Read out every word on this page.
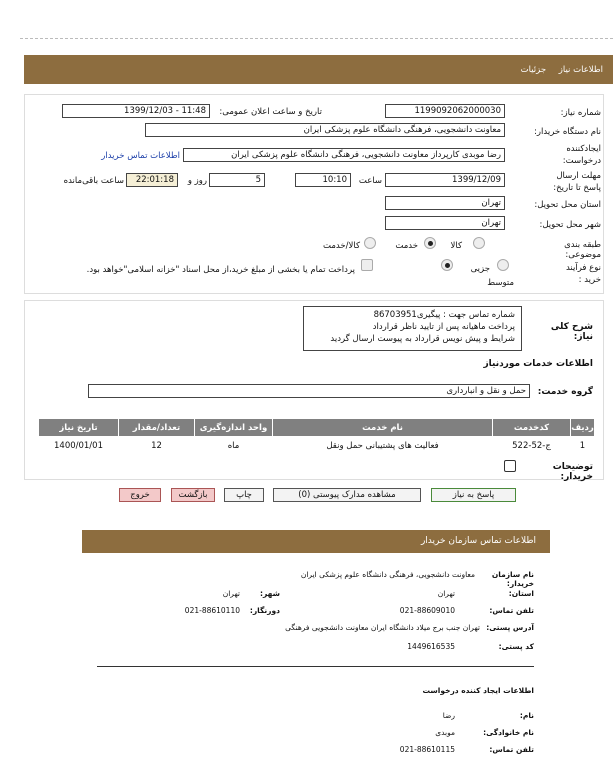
اطلاعات نیاز جزئیات
شماره نیاز:
1199092062000030
تاریخ و ساعت اعلان عمومی:
1399/12/03 - 11:48
نام دستگاه خریدار:
معاونت دانشجویی، فرهنگی دانشگاه علوم پزشکی ایران
ایجادکننده درخواست:
رضا موبدی کارپرداز معاونت دانشجویی، فرهنگی دانشگاه علوم پزشکی ایران
اطلاعات تماس خریدار
مهلت ارسال پاسخ تا تاریخ:
1399/12/09
ساعت
10:10
5
روز و
22:01:18
ساعت باقی‌مانده
استان محل تحویل:
تهران
شهر محل تحویل:
تهران
طبقه بندی موضوعی:
کالا
خدمت
کالا/خدمت
نوع فرآیند خرید :
جزیی
متوسط
پرداخت تمام یا بخشی از مبلغ خرید،از محل اسناد "خزانه اسلامی"خواهد بود.
شرح کلی نیاز:
شماره تماس جهت : پیگیری86703951
پرداخت ماهیانه پس از تایید ناظر قرارداد
شرایط و پیش نویس قرارداد به پیوست ارسال گردید
اطلاعات خدمات موردنیاز
گروه خدمت:
حمل و نقل و انبارداری
ردیف	کدخدمت	نام خدمت	واحد اندازه‌گیری	تعداد/مقدار	تاریخ نیاز
1	ج-52-522	فعالیت های پشتیبانی حمل ونقل	ماه	12	1400/01/01
توضیحات خریدار:
پاسخ به نیاز
مشاهده مدارک پیوستی (0)
چاپ
بازگشت
خروج
اطلاعات تماس سازمان خریدار
نام سازمان خریدار:
معاونت دانشجویی، فرهنگی دانشگاه علوم پزشکی ایران
استان:
تهران
شهر:
تهران
تلفن تماس:
021-88609010
دورنگار:
021-88610110
آدرس پستی:
تهران جنب برج میلاد دانشگاه ایران معاونت دانشجویی فرهنگی
کد پستی:
1449616535
اطلاعات ایجاد کننده درخواست
نام:
رضا
نام خانوادگی:
موبدی
تلفن تماس:
021-88610115
